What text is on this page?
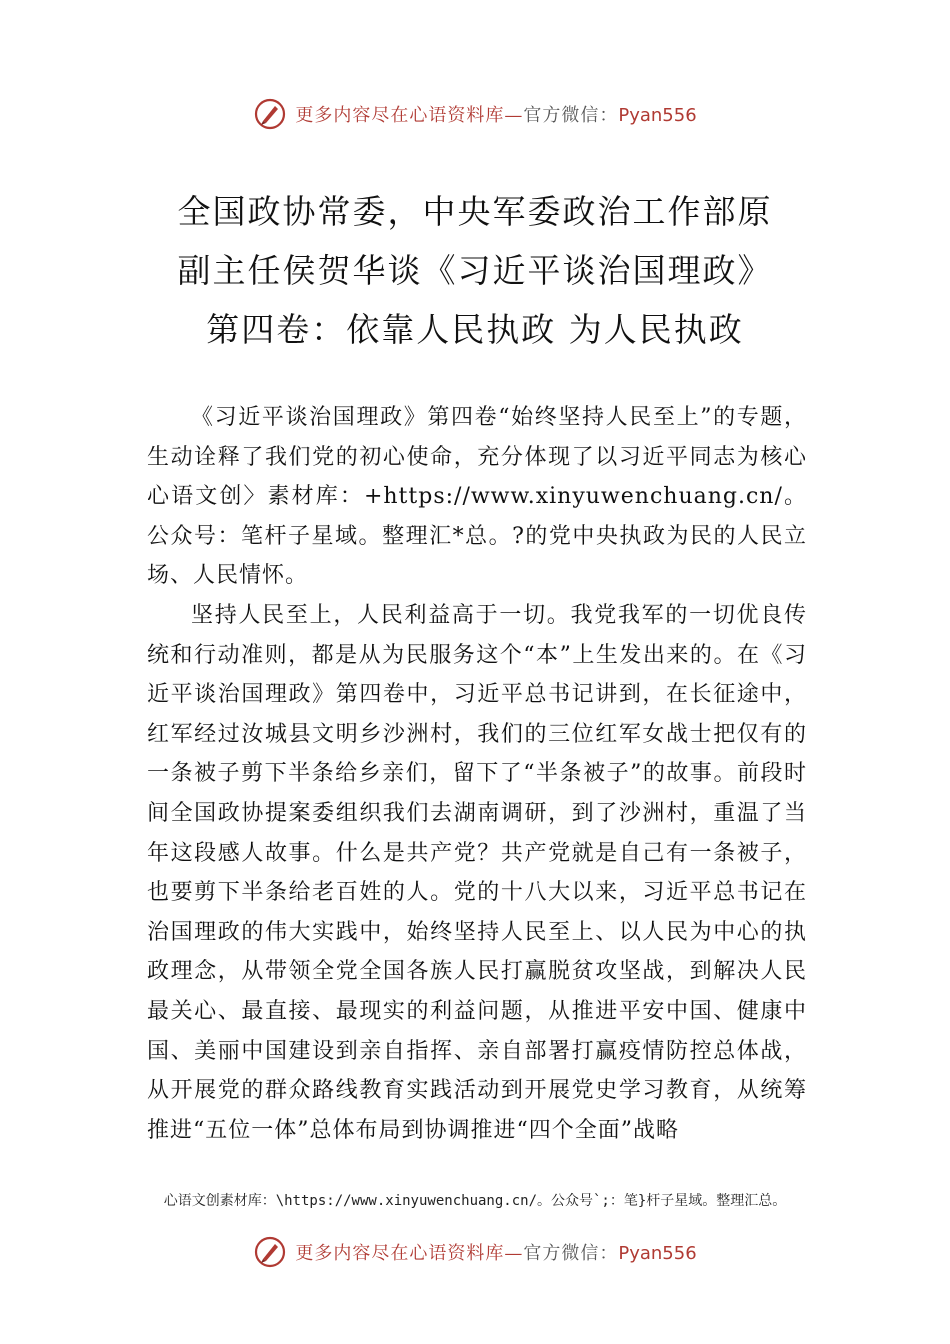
更多内容尽在心语资料库—官方微信：Pyan556
全国政协常委，中央军委政治工作部原
副主任侯贺华谈《习近平谈治国理政》
第四卷：依靠人民执政 为人民执政

《习近平谈治国理政》第四卷“始终坚持人民至上”的专题，生动诠释了我们党的初心使命，充分体现了以习近平同志为核心心语文创〉素材库：+https://www.xinyuwenchuang.cn/。公众号：笔杆子星域。整理汇*总。?的党中央执政为民的人民立场、人民情怀。

坚持人民至上，人民利益高于一切。我党我军的一切优良传统和行动准则，都是从为民服务这个“本”上生发出来的。在《习近平谈治国理政》第四卷中，习近平总书记讲到，在长征途中，红军经过汝城县文明乡沙洲村，我们的三位红军女战士把仅有的一条被子剪下半条给乡亲们，留下了“半条被子”的故事。前段时间全国政协提案委组织我们去湖南调研，到了沙洲村，重温了当年这段感人故事。什么是共产党？共产党就是自己有一条被子，也要剪下半条给老百姓的人。党的十八大以来，习近平总书记在治国理政的伟大实践中，始终坚持人民至上、以人民为中心的执政理念，从带领全党全国各族人民打赢脱贫攻坚战，到解决人民最关心、最直接、最现实的利益问题，从推进平安中国、健康中国、美丽中国建设到亲自指挥、亲自部署打赢疫情防控总体战，从开展党的群众路线教育实践活动到开展党史学习教育，从统筹推进“五位一体”总体布局到协调推进“四个全面”战略

心语文创素材库：\https://www.xinyuwenchuang.cn/。公众号`;：笔}杆子星域。整理汇总。
更多内容尽在心语资料库—官方微信：Pyan556
